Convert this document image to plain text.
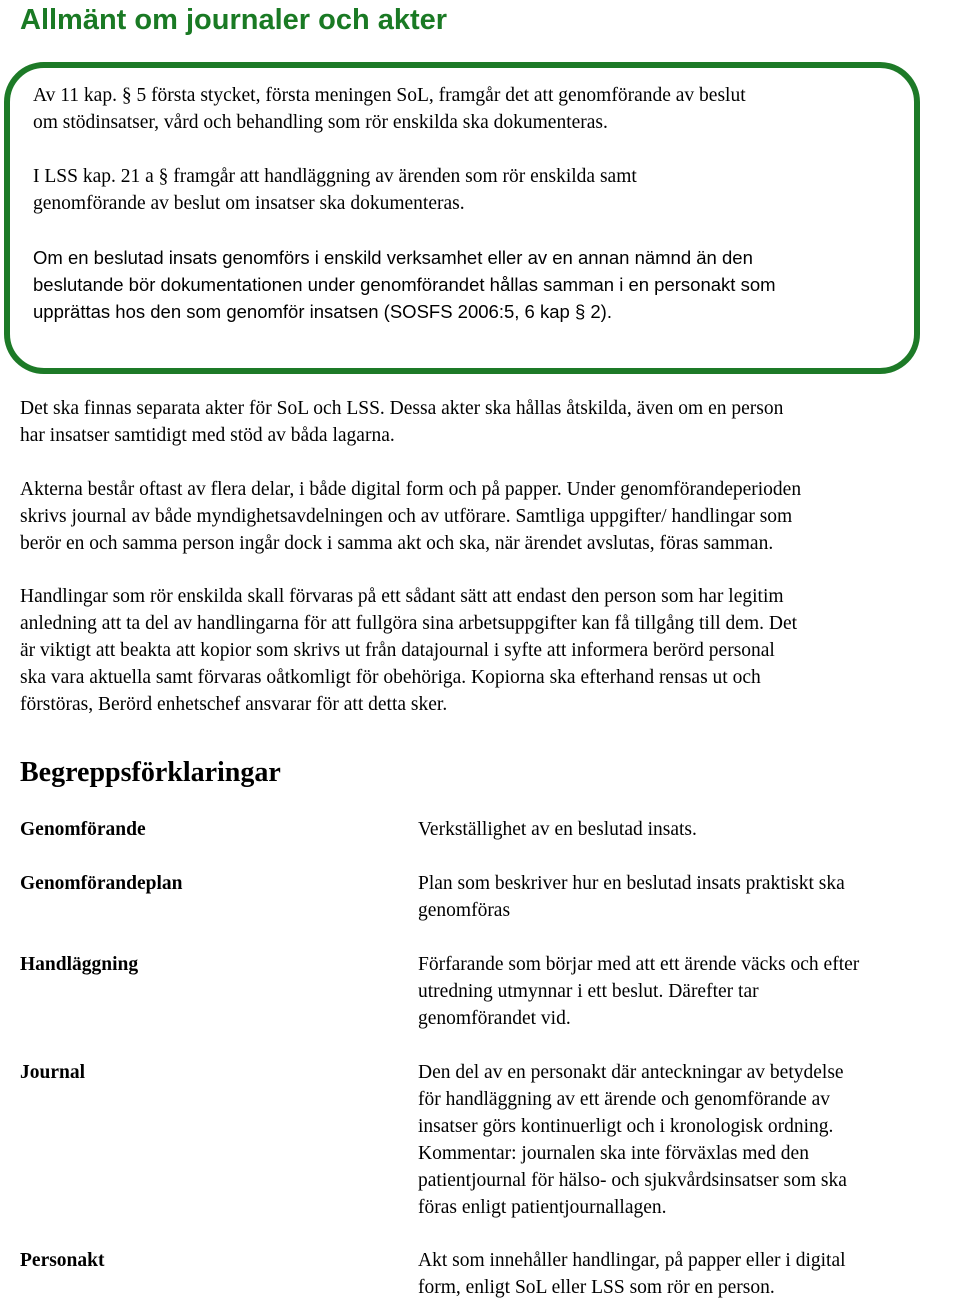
Allmänt om journaler och akter

Av 11 kap. § 5 första stycket, första meningen SoL, framgår det att genomförande av beslut
om stödinsatser, vård och behandling som rör enskilda ska dokumenteras.

I LSS kap. 21 a § framgår att handläggning av ärenden som rör enskilda samt
genomförande av beslut om insatser ska dokumenteras.

Om en beslutad insats genomförs i enskild verksamhet eller av en annan nämnd än den
beslutande bör dokumentationen under genomförandet hållas samman i en personakt som
upprättas hos den som genomför insatsen (SOSFS 2006:5, 6 kap § 2).

Det ska finnas separata akter för SoL och LSS. Dessa akter ska hållas åtskilda, även om en person
har insatser samtidigt med stöd av båda lagarna.

Akterna består oftast av flera delar, i både digital form och på papper. Under genomförandeperioden
skrivs journal av både myndighetsavdelningen och av utförare. Samtliga uppgifter/ handlingar som
berör en och samma person ingår dock i samma akt och ska, när ärendet avslutas, föras samman.

Handlingar som rör enskilda skall förvaras på ett sådant sätt att endast den person som har legitim
anledning att ta del av handlingarna för att fullgöra sina arbetsuppgifter kan få tillgång till dem. Det
är viktigt att beakta att kopior som skrivs ut från datajournal i syfte att informera berörd personal
ska vara aktuella samt förvaras oåtkomligt för obehöriga. Kopiorna ska efterhand rensas ut och
förstöras, Berörd enhetschef ansvarar för att detta sker.

Begreppsförklaringar

Genomförande	Verkställighet av en beslutad insats.

Genomförandeplan	Plan som beskriver hur en beslutad insats praktiskt ska
genomföras

Handläggning	Förfarande som börjar med att ett ärende väcks och efter
utredning utmynnar i ett beslut. Därefter tar
genomförandet vid.

Journal	Den del av en personakt där anteckningar av betydelse
för handläggning av ett ärende och genomförande av
insatser görs kontinuerligt och i kronologisk ordning.
Kommentar: journalen ska inte förväxlas med den
patientjournal för hälso- och sjukvårdsinsatser som ska
föras enligt patientjournallagen.

Personakt	Akt som innehåller handlingar, på papper eller i digital
form, enligt SoL eller LSS som rör en person.
